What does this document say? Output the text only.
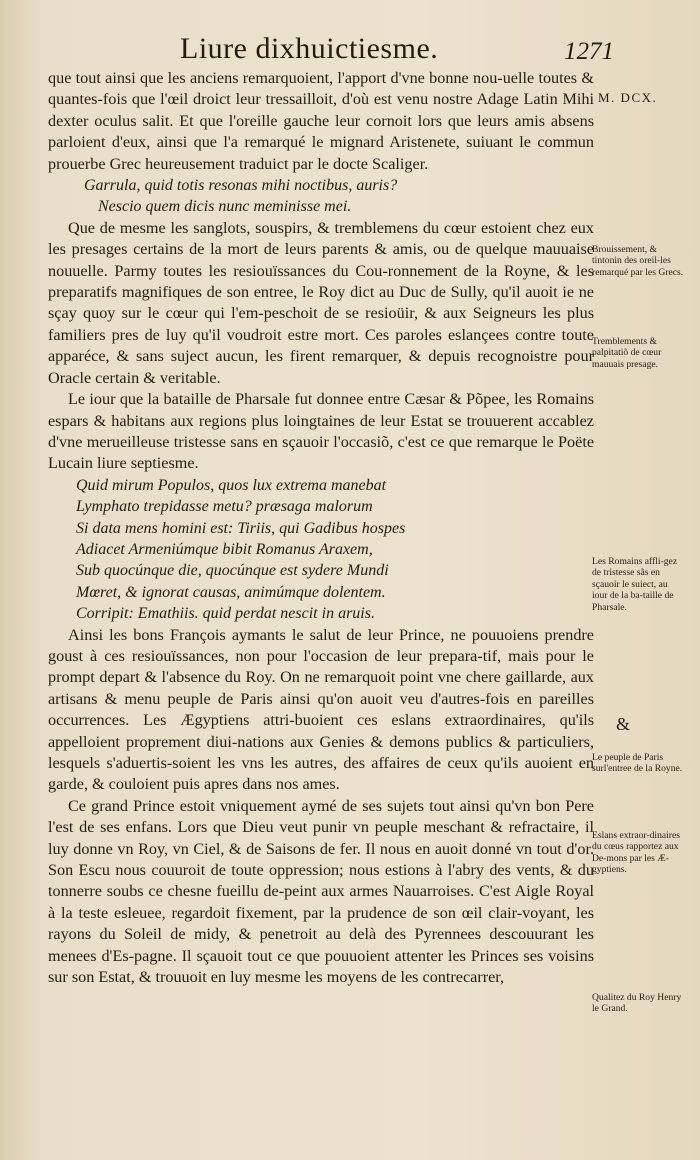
Liure dixhuictiesme.	1271

que tout ainsi que les anciens remarquoient, l'apport d'vne bonne nou-uelle toutes & quantes-fois que l'œil droict leur tressailloit, d'où est venu nostre Adage Latin Mihi dexter oculus salit. Et que l'oreille gauche leur cornoit lors que leurs amis absens parloient d'eux, ainsi que l'a remarqué le mignard Aristenete, suiuant le commun prouerbe Grec heureusement traduict par le docte Scaliger.

Garrula, quid totis resonas mihi noctibus, auris?
Nescio quem dicis nunc meminisse mei.

Que de mesme les sanglots, souspirs, & tremblemens du cœur estoient chez eux les presages certains de la mort de leurs parents & amis, ou de quelque mauuaise nouuelle. Parmy toutes les resiouïssances du Cou-ronnement de la Royne, & les preparatifs magnifiques de son entree, le Roy dict au Duc de Sully, qu'il auoit ie ne sçay quoy sur le cœur qui l'em-peschoit de se resioüir, & aux Seigneurs les plus familiers pres de luy qu'il voudroit estre mort. Ces paroles eslançees contre toute apparéce, & sans suject aucun, les firent remarquer, & depuis recognoistre pour Oracle certain & veritable.

Le iour que la bataille de Pharsale fut donnee entre Cæsar & Põpee, les Romains espars & habitans aux regions plus loingtaines de leur Estat se trouuerent accablez d'vne merueilleuse tristesse sans en sçauoir l'occasiõ, c'est ce que remarque le Poëte Lucain liure septiesme.

Quid mirum Populos, quos lux extrema manebat
Lymphato trepidasse metu? præsaga malorum
Si data mens homini est: Tiriis, qui Gadibus hospes
Adiacet Armeniúmque bibit Romanus Araxem,
Sub quocúnque die, quocúnque est sydere Mundi
Mœret, & ignorat causas, animúmque dolentem.
Corripit: Emathiis. quid perdat nescit in aruis.

Ainsi les bons François aymants le salut de leur Prince, ne pouuoiens prendre goust à ces resiouïssances, non pour l'occasion de leur prepara-tif, mais pour le prompt depart & l'absence du Roy. On ne remarquoit point vne chere gaillarde, aux artisans & menu peuple de Paris ainsi qu'on auoit veu d'autres-fois en pareilles occurrences. Les Ægyptiens attri-buoient ces eslans extraordinaires, qu'ils appelloient proprement diui-nations aux Genies & demons publics & particuliers, lesquels s'aduertis-soient les vns les autres, des affaires de ceux qu'ils auoient en garde, & couloient puis apres dans nos ames.

Ce grand Prince estoit vniquement aymé de ses sujets tout ainsi qu'vn bon Pere l'est de ses enfans. Lors que Dieu veut punir vn peuple meschant & refractaire, il luy donne vn Roy, vn Ciel, & de Saisons de fer. Il nous en auoit donné vn tout d'or. Son Escu nous couuroit de toute oppression; nous estions à l'abry des vents, & du tonnerre soubs ce chesne fueillu de-peint aux armes Nauarroises. C'est Aigle Royal à la teste esleuee, regardoit fixement, par la prudence de son œil clair-voyant, les rayons du Soleil de midy, & penetroit au delà des Pyrennees descouurant les menees d'Es-pagne. Il sçauoit tout ce que pouuoient attenter les Princes ses voisins sur son Estat, & trouuoit en luy mesme les moyens de les contrecarrer,

M. DCX.
Brouissement, & tintonin des oreil-les remarqué par les Grecs.
Tremblements & palpitatiõ de cœur mauuais presage.
Les Romains affli-gez de tristesse sãs en sçauoir le suiect, au iour de la ba-taille de Pharsale.
&
Le peuple de Paris surl'entree de la Royne.
Eslans extraor-dinaires du cœus rapportez aux De-mons par les Æ-gyptiens.
Qualitez du Roy Henry le Grand.
